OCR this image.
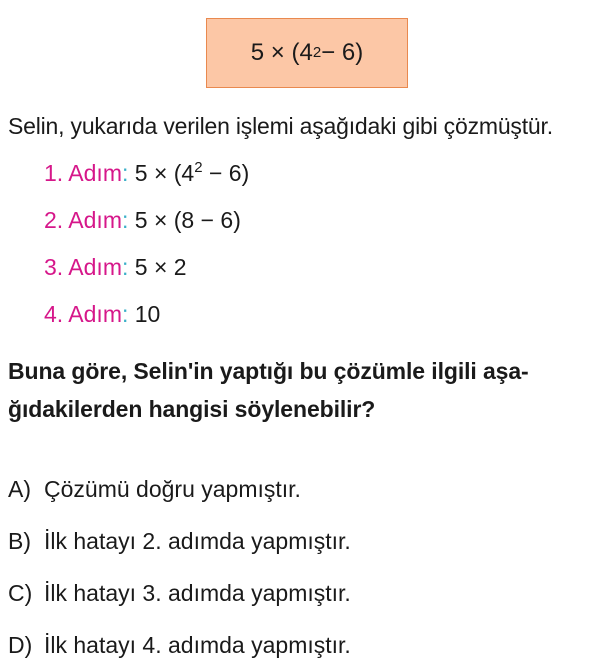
5 × (4 2 − 6)
Selin, yukarıda verilen işlemi aşağıdaki gibi çözmüştür.
1. Adım: $5 \times (4^2 - 6)$
2. Adım: 5 × (8 − 6)
3. Adım: 5 × 2
4. Adım: 10
Buna göre, Selin'in yaptığı bu çözümle ilgili aşa-
ğıdakilerden hangisi söylenebilir?
A) Çözümü doğru yapmıştır.
B) İlk hatayı 2. adımda yapmıştır.
C) İlk hatayı 3. adımda yapmıştır.
D) İlk hatayı 4. adımda yapmıştır.
